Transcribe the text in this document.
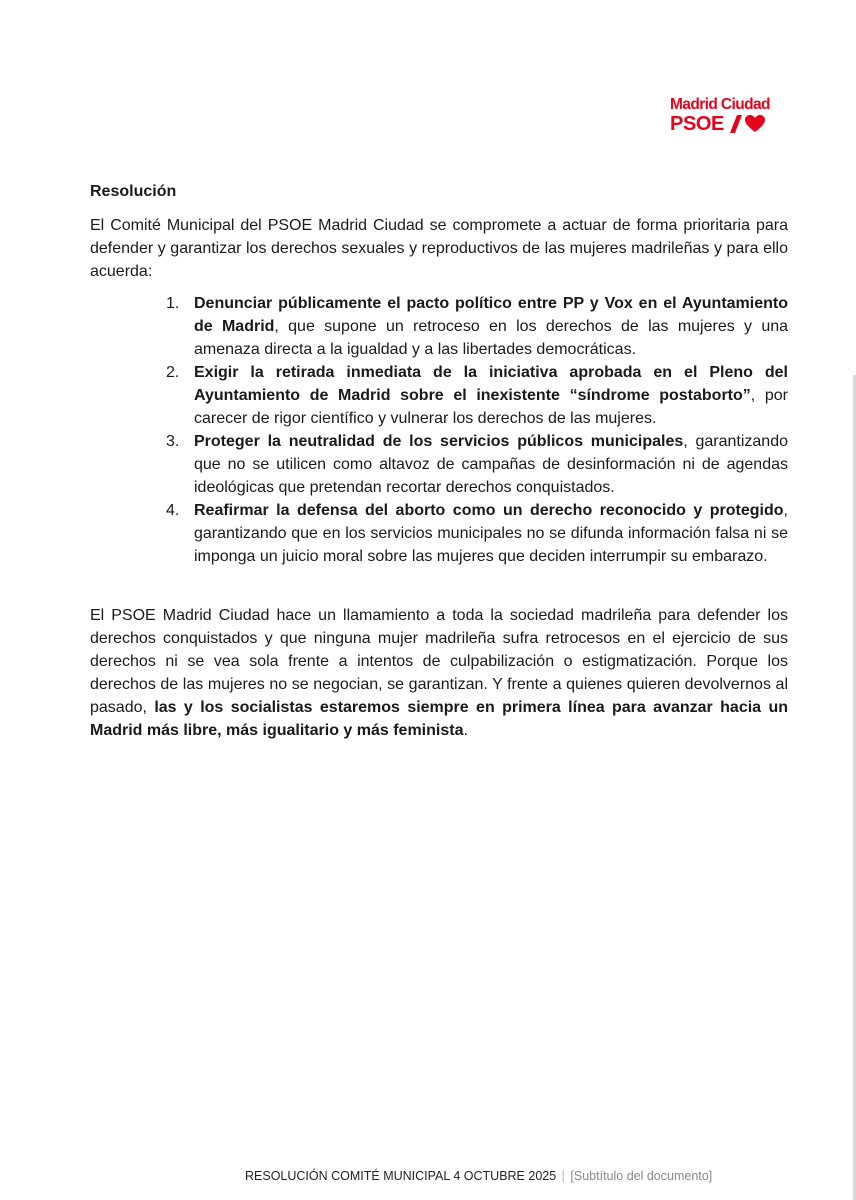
Madrid Ciudad
PSOE
Resolución

El Comité Municipal del PSOE Madrid Ciudad se compromete a actuar de forma prioritaria para defender y garantizar los derechos sexuales y reproductivos de las mujeres madrileñas y para ello acuerda:

1. Denunciar públicamente el pacto político entre PP y Vox en el Ayuntamiento de Madrid, que supone un retroceso en los derechos de las mujeres y una amenaza directa a la igualdad y a las libertades democráticas.
2. Exigir la retirada inmediata de la iniciativa aprobada en el Pleno del Ayuntamiento de Madrid sobre el inexistente “síndrome postaborto”, por carecer de rigor científico y vulnerar los derechos de las mujeres.
3. Proteger la neutralidad de los servicios públicos municipales, garantizando que no se utilicen como altavoz de campañas de desinformación ni de agendas ideológicas que pretendan recortar derechos conquistados.
4. Reafirmar la defensa del aborto como un derecho reconocido y protegido, garantizando que en los servicios municipales no se difunda información falsa ni se imponga un juicio moral sobre las mujeres que deciden interrumpir su embarazo.

El PSOE Madrid Ciudad hace un llamamiento a toda la sociedad madrileña para defender los derechos conquistados y que ninguna mujer madrileña sufra retrocesos en el ejercicio de sus derechos ni se vea sola frente a intentos de culpabilización o estigmatización. Porque los derechos de las mujeres no se negocian, se garantizan. Y frente a quienes quieren devolvernos al pasado, las y los socialistas estaremos siempre en primera línea para avanzar hacia un Madrid más libre, más igualitario y más feminista.

RESOLUCIÓN COMITÉ MUNICIPAL 4 OCTUBRE 2025 | [Subtítulo del documento]
